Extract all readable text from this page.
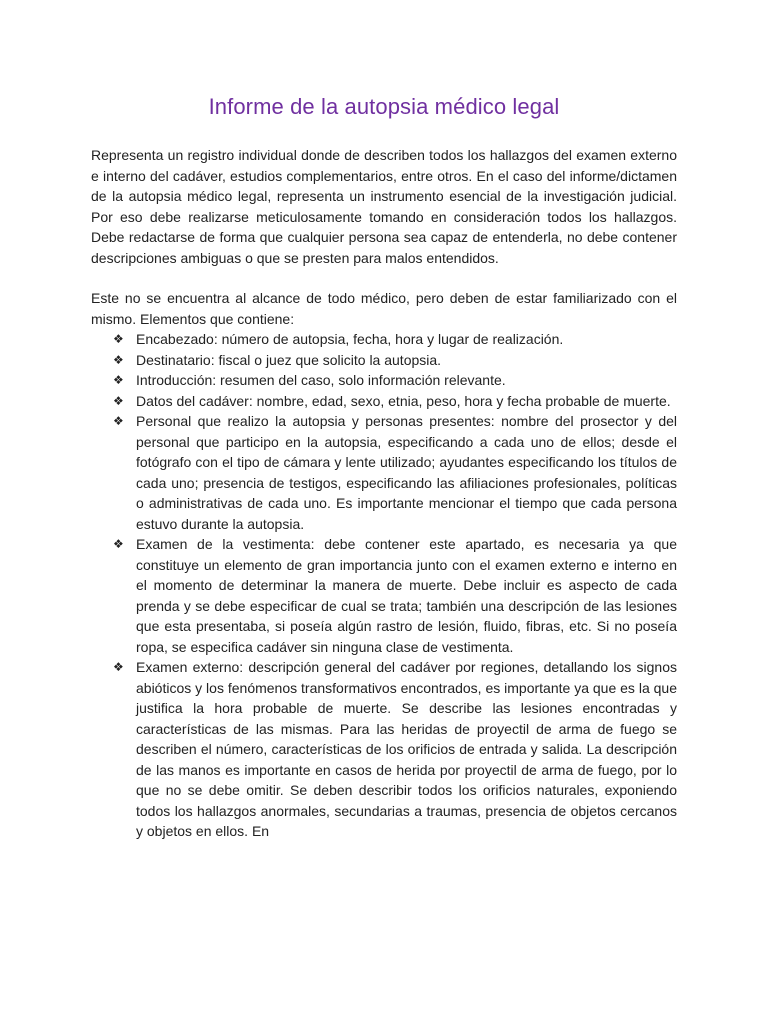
Informe de la autopsia médico legal

Representa un registro individual donde de describen todos los hallazgos del examen externo e interno del cadáver, estudios complementarios, entre otros. En el caso del informe/dictamen de la autopsia médico legal, representa un instrumento esencial de la investigación judicial. Por eso debe realizarse meticulosamente tomando en consideración todos los hallazgos. Debe redactarse de forma que cualquier persona sea capaz de entenderla, no debe contener descripciones ambiguas o que se presten para malos entendidos.

Este no se encuentra al alcance de todo médico, pero deben de estar familiarizado con el mismo. Elementos que contiene:

❖ Encabezado: número de autopsia, fecha, hora y lugar de realización.
❖ Destinatario: fiscal o juez que solicito la autopsia.
❖ Introducción: resumen del caso, solo información relevante.
❖ Datos del cadáver: nombre, edad, sexo, etnia, peso, hora y fecha probable de muerte.
❖ Personal que realizo la autopsia y personas presentes: nombre del prosector y del personal que participo en la autopsia, especificando a cada uno de ellos; desde el fotógrafo con el tipo de cámara y lente utilizado; ayudantes especificando los títulos de cada uno; presencia de testigos, especificando las afiliaciones profesionales, políticas o administrativas de cada uno. Es importante mencionar el tiempo que cada persona estuvo durante la autopsia.
❖ Examen de la vestimenta: debe contener este apartado, es necesaria ya que constituye un elemento de gran importancia junto con el examen externo e interno en el momento de determinar la manera de muerte. Debe incluir es aspecto de cada prenda y se debe especificar de cual se trata; también una descripción de las lesiones que esta presentaba, si poseía algún rastro de lesión, fluido, fibras, etc. Si no poseía ropa, se especifica cadáver sin ninguna clase de vestimenta.
❖ Examen externo: descripción general del cadáver por regiones, detallando los signos abióticos y los fenómenos transformativos encontrados, es importante ya que es la que justifica la hora probable de muerte. Se describe las lesiones encontradas y características de las mismas. Para las heridas de proyectil de arma de fuego se describen el número, características de los orificios de entrada y salida. La descripción de las manos es importante en casos de herida por proyectil de arma de fuego, por lo que no se debe omitir. Se deben describir todos los orificios naturales, exponiendo todos los hallazgos anormales, secundarias a traumas, presencia de objetos cercanos y objetos en ellos. En
